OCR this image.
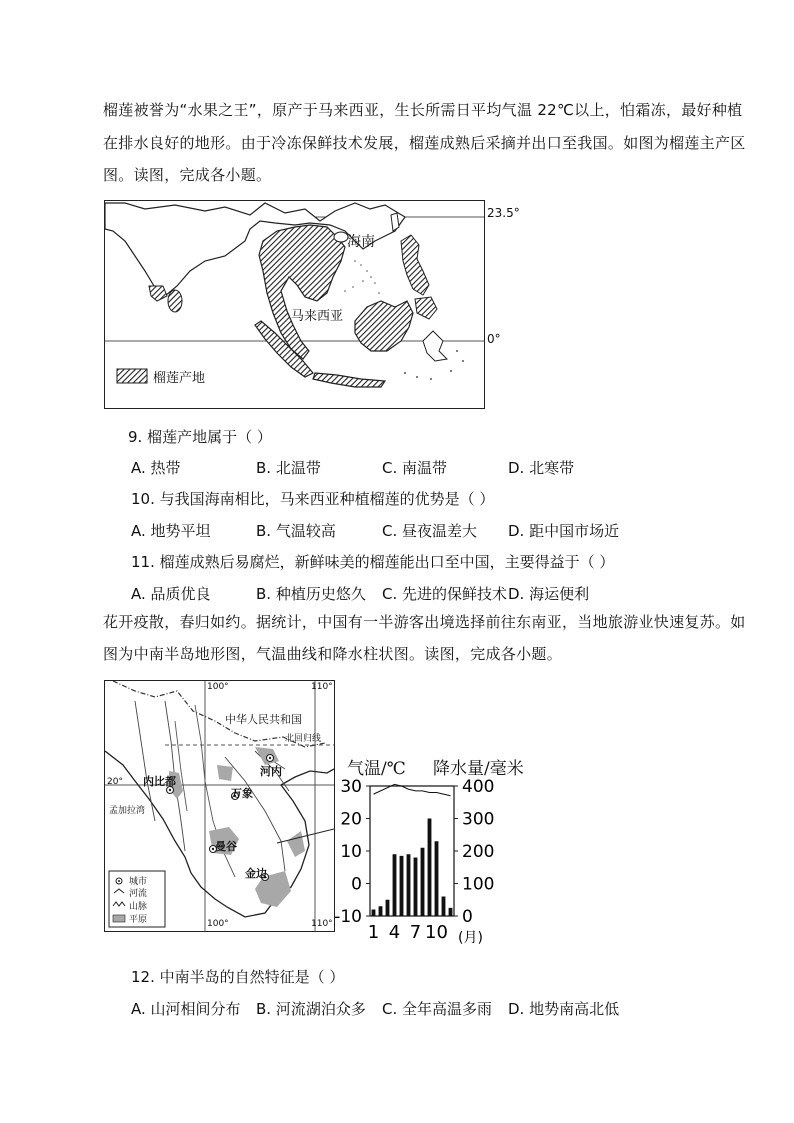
榴莲被誉为“水果之王”，原产于马来西亚，生长所需日平均气温 22℃以上，怕霜冻，最好种植
在排水良好的地形。由于冷冻保鲜技术发展，榴莲成熟后采摘并出口至我国。如图为榴莲主产区
图。读图，完成各小题。
海南
马来西亚
榴莲产地
23.5°
0°
9. 榴莲产地属于（ ）
A. 热带	B. 北温带	C. 南温带	D. 北寒带
10. 与我国海南相比，马来西亚种植榴莲的优势是（ ）
A. 地势平坦	B. 气温较高	C. 昼夜温差大 D. 距中国市场近
11. 榴莲成熟后易腐烂，新鲜味美的榴莲能出口至中国，主要得益于（ ）
A. 品质优良	B. 种植历史悠久 C. 先进的保鲜技术 D. 海运便利
花开疫散，春归如约。据统计，中国有一半游客出境选择前往东南亚，当地旅游业快速复苏。如
图为中南半岛地形图，气温曲线和降水柱状图。读图，完成各小题。
100°	110°
100°	110°
20°
中华人民共和国
北回归线
河内
内比都
万象
曼谷
金边
孟加拉湾
城市
河流
山脉
平原
气温/℃ 降水量/毫米
30
20
10
0
-10
400
300
200
100
0
1 4 7 10 (月)
12. 中南半岛的自然特征是（ ）
A. 山河相间分布 B. 河流湖泊众多 C. 全年高温多雨 D. 地势南高北低
